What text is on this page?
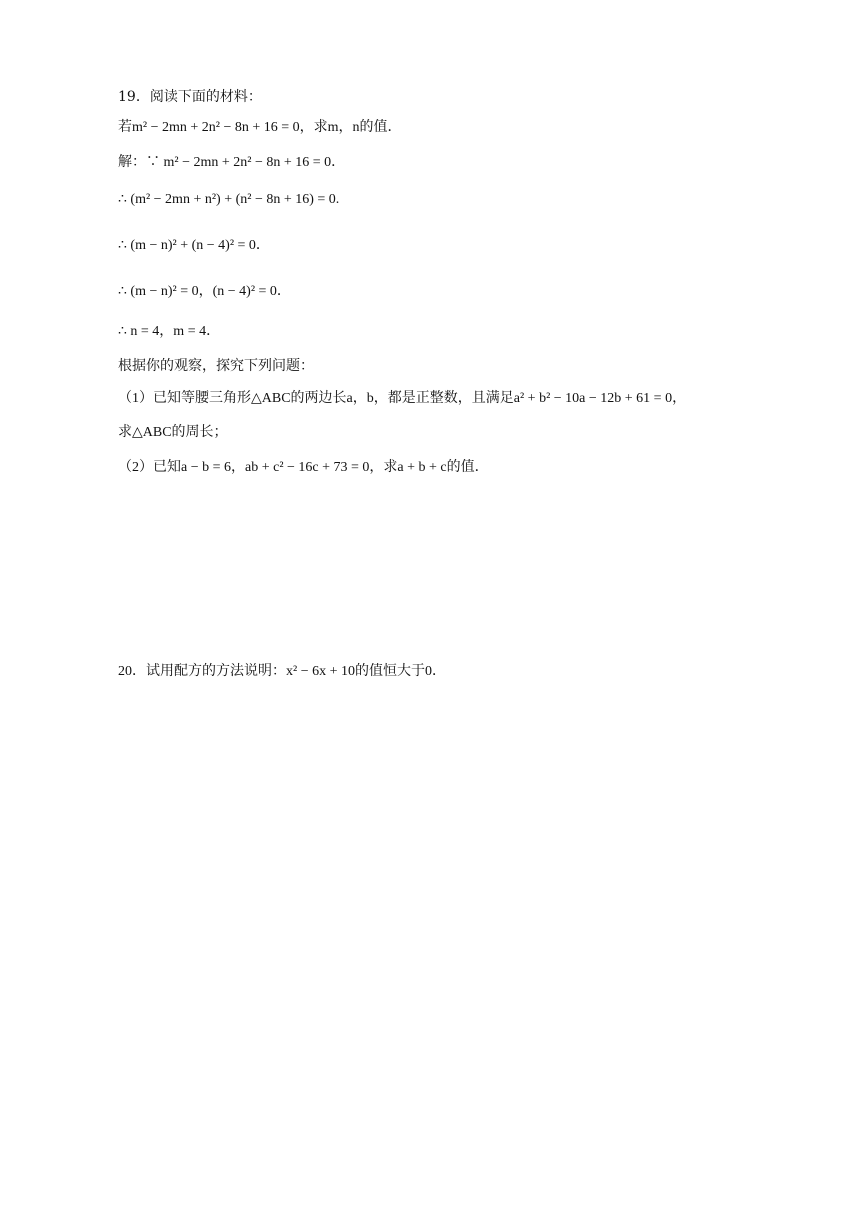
19．阅读下面的材料：
若m² − 2mn + 2n² − 8n + 16 = 0，求m，n的值．
解：∵ m² − 2mn + 2n² − 8n + 16 = 0．
∴ (m² − 2mn + n²) + (n² − 8n + 16) = 0.
∴ (m − n)² + (n − 4)² = 0．
∴ (m − n)² = 0，(n − 4)² = 0．
∴ n = 4，m = 4．
根据你的观察，探究下列问题：
（1）已知等腰三角形△ABC的两边长a，b，都是正整数，且满足a² + b² − 10a − 12b + 61 = 0，
求△ABC的周长；
（2）已知a − b = 6，ab + c² − 16c + 73 = 0，求a + b + c的值．
20．试用配方的方法说明：x² − 6x + 10的值恒大于0．
